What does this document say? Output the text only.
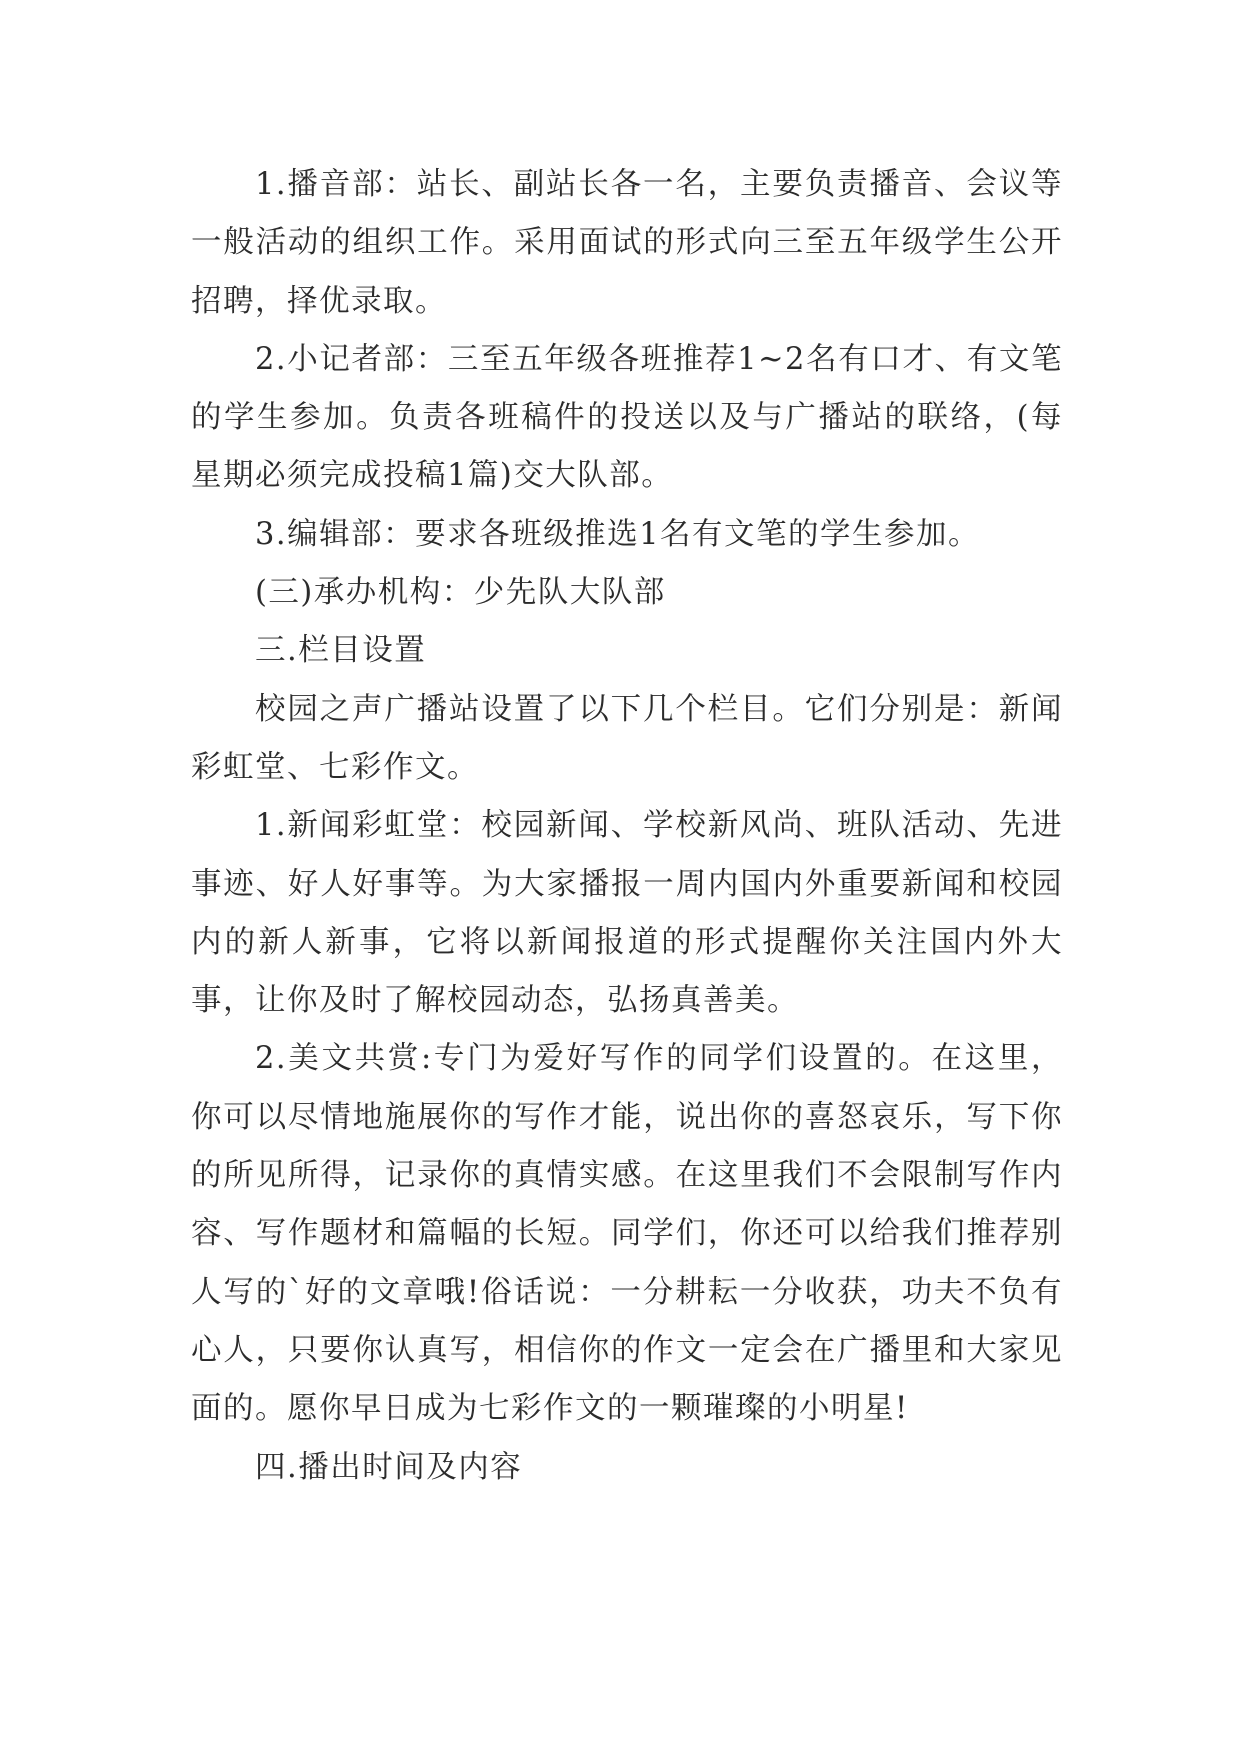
1.播音部：站长、副站长各一名，主要负责播音、会议等一般活动的组织工作。采用面试的形式向三至五年级学生公开招聘，择优录取。

2.小记者部：三至五年级各班推荐1~2名有口才、有文笔的学生参加。负责各班稿件的投送以及与广播站的联络，(每星期必须完成投稿1篇)交大队部。

3.编辑部：要求各班级推选1名有文笔的学生参加。

(三)承办机构：少先队大队部

三.栏目设置

校园之声广播站设置了以下几个栏目。它们分别是：新闻彩虹堂、七彩作文。

1.新闻彩虹堂：校园新闻、学校新风尚、班队活动、先进事迹、好人好事等。为大家播报一周内国内外重要新闻和校园内的新人新事，它将以新闻报道的形式提醒你关注国内外大事，让你及时了解校园动态，弘扬真善美。

2.美文共赏:专门为爱好写作的同学们设置的。在这里，你可以尽情地施展你的写作才能，说出你的喜怒哀乐，写下你的所见所得，记录你的真情实感。在这里我们不会限制写作内容、写作题材和篇幅的长短。同学们，你还可以给我们推荐别人写的`好的文章哦!俗话说：一分耕耘一分收获，功夫不负有心人，只要你认真写，相信你的作文一定会在广播里和大家见面的。愿你早日成为七彩作文的一颗璀璨的小明星!

四.播出时间及内容
